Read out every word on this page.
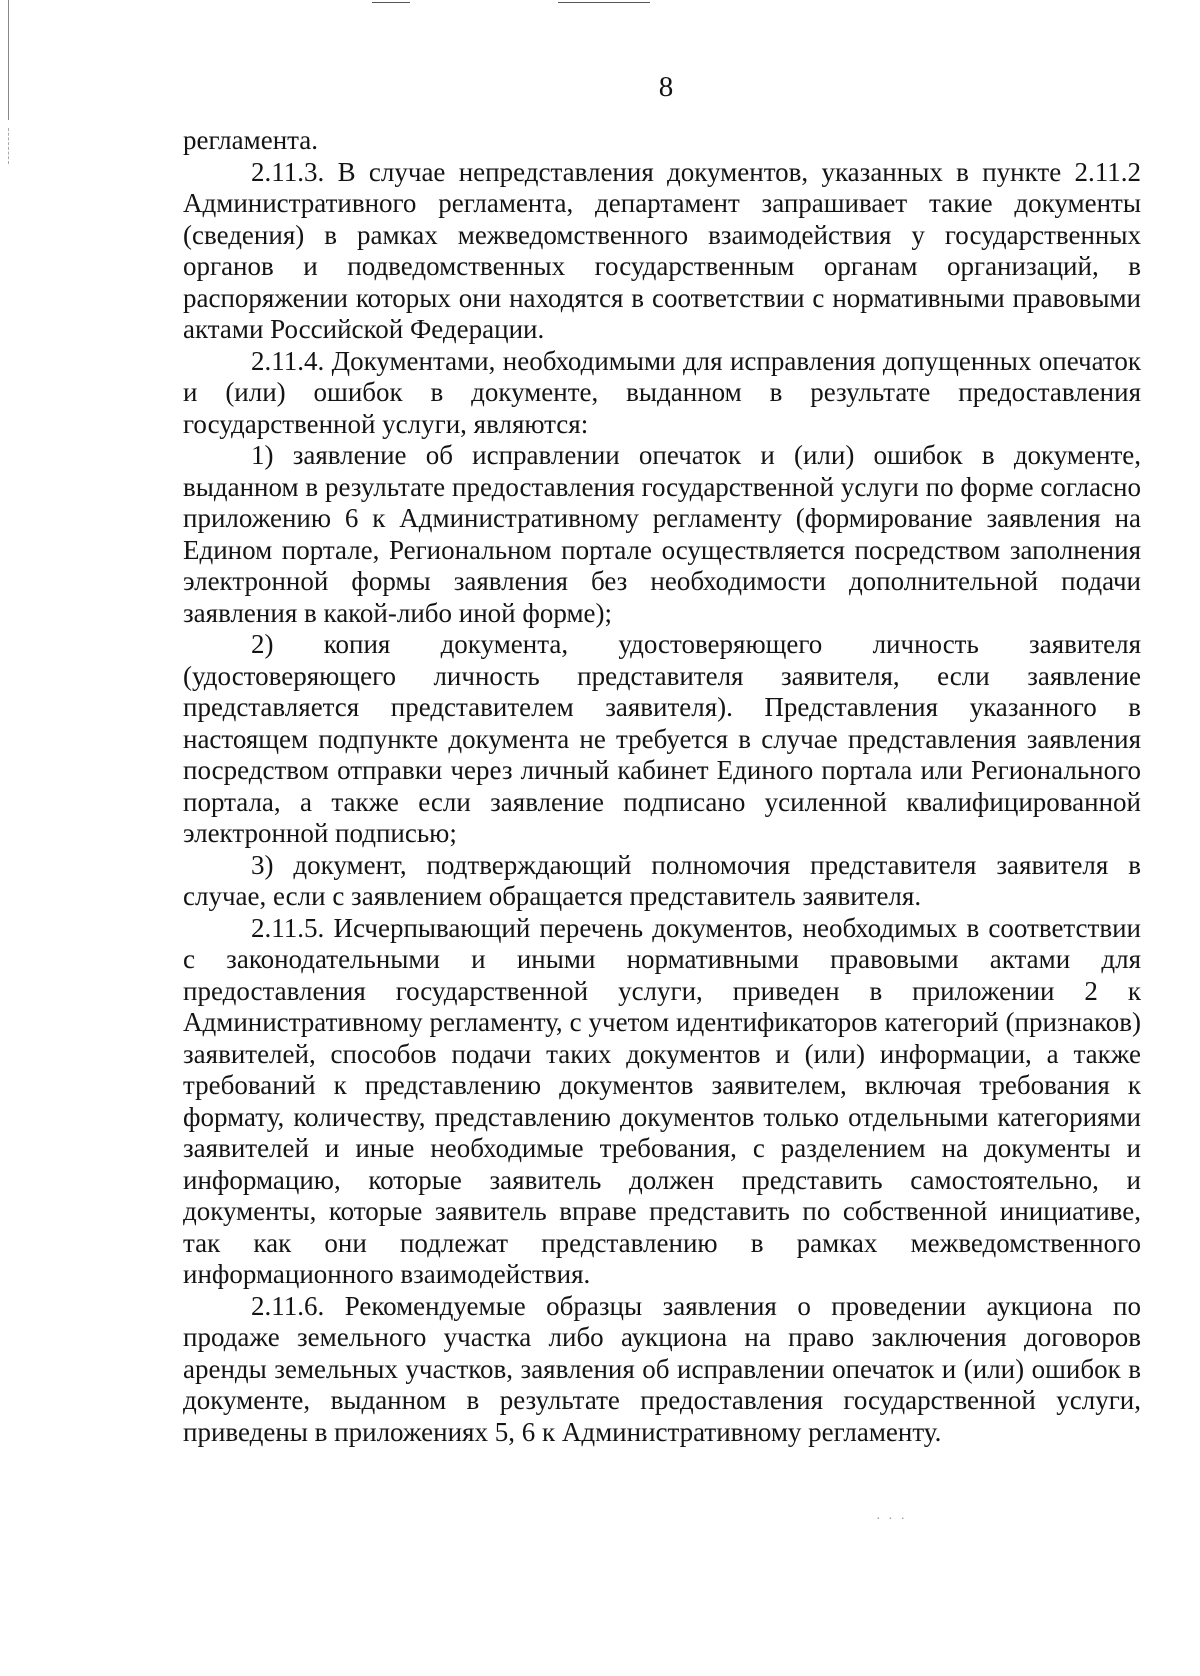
8

регламента.

2.11.3. В случае непредставления документов, указанных в пункте 2.11.2 Административного регламента, департамент запрашивает такие документы (сведения) в рамках межведомственного взаимодействия у государственных органов и подведомственных государственным органам организаций, в распоряжении которых они находятся в соответствии с нормативными правовыми актами Российской Федерации.

2.11.4. Документами, необходимыми для исправления допущенных опечаток и (или) ошибок в документе, выданном в результате предоставления государственной услуги, являются:

1) заявление об исправлении опечаток и (или) ошибок в документе, выданном в результате предоставления государственной услуги по форме согласно приложению 6 к Административному регламенту (формирование заявления на Едином портале, Региональном портале осуществляется посредством заполнения электронной формы заявления без необходимости дополнительной подачи заявления в какой-либо иной форме);

2) копия документа, удостоверяющего личность заявителя (удостоверяющего личность представителя заявителя, если заявление представляется представителем заявителя). Представления указанного в настоящем подпункте документа не требуется в случае представления заявления посредством отправки через личный кабинет Единого портала или Регионального портала, а также если заявление подписано усиленной квалифицированной электронной подписью;

3) документ, подтверждающий полномочия представителя заявителя в случае, если с заявлением обращается представитель заявителя.

2.11.5. Исчерпывающий перечень документов, необходимых в соответствии с законодательными и иными нормативными правовыми актами для предоставления государственной услуги, приведен в приложении 2 к Административному регламенту, с учетом идентификаторов категорий (признаков) заявителей, способов подачи таких документов и (или) информации, а также требований к представлению документов заявителем, включая требования к формату, количеству, представлению документов только отдельными категориями заявителей и иные необходимые требования, с разделением на документы и информацию, которые заявитель должен представить самостоятельно, и документы, которые заявитель вправе представить по собственной инициативе, так как они подлежат представлению в рамках межведомственного информационного взаимодействия.

2.11.6. Рекомендуемые образцы заявления о проведении аукциона по продаже земельного участка либо аукциона на право заключения договоров аренды земельных участков, заявления об исправлении опечаток и (или) ошибок в документе, выданном в результате предоставления государственной услуги, приведены в приложениях 5, 6 к Административному регламенту.

· · ·
